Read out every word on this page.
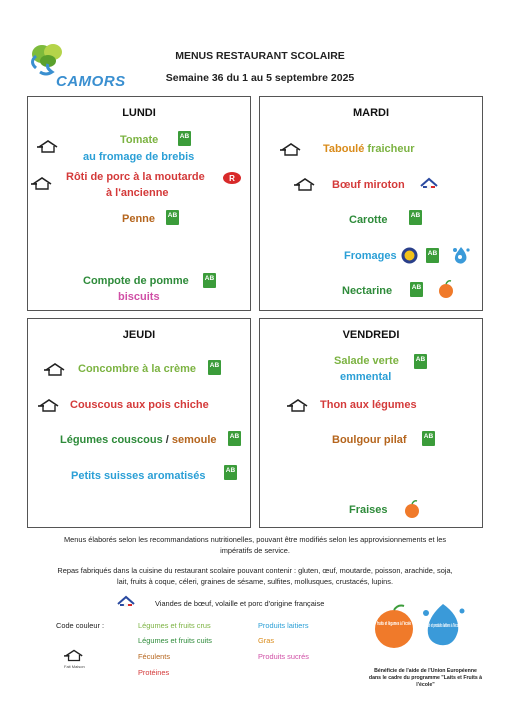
CAMORS
MENUS RESTAURANT SCOLAIRE
Semaine 36 du 1 au 5 septembre 2025
LUNDI
Tomate
AB
au fromage de brebis
Rôti de porc à la moutarde
à l'ancienne
R
Penne
AB
Compote de pomme
AB
biscuits
MARDI
Taboulé fraicheur
Bœuf miroton
Carotte
AB
Fromages
AB
Nectarine
AB
JEUDI
Concombre à la crème
AB
Couscous aux pois chiche
Légumes couscous / semoule
AB
Petits suisses aromatisés
AB
VENDREDI
Salade verte
AB
emmental
Thon aux légumes
Boulgour pilaf
AB
Fraises
Menus élaborés selon les recommandations nutritionelles, pouvant être modifiés selon les approvisionnements et les
impératifs de service.
Repas fabriqués dans la cuisine du restaurant scolaire pouvant contenir : gluten, œuf, moutarde, poisson, arachide, soja,
lait, fruits à coque, céleri, graines de sésame, sulfites, mollusques, crustacés, lupins.
Viandes de bœuf, volaille et porc d'origine française
Code couleur :	Légumes et fruits crus
Légumes et fruits cuits
Féculents
Protéines
Produits laitiers
Gras
Produits sucrés
Fait Maison
fruits et légumes à l'école	Lait et produits laitiers à l'école
Bénéficie de l'aide de l'Union Européenne dans le cadre du programme "Laits et Fruits à l'école"
